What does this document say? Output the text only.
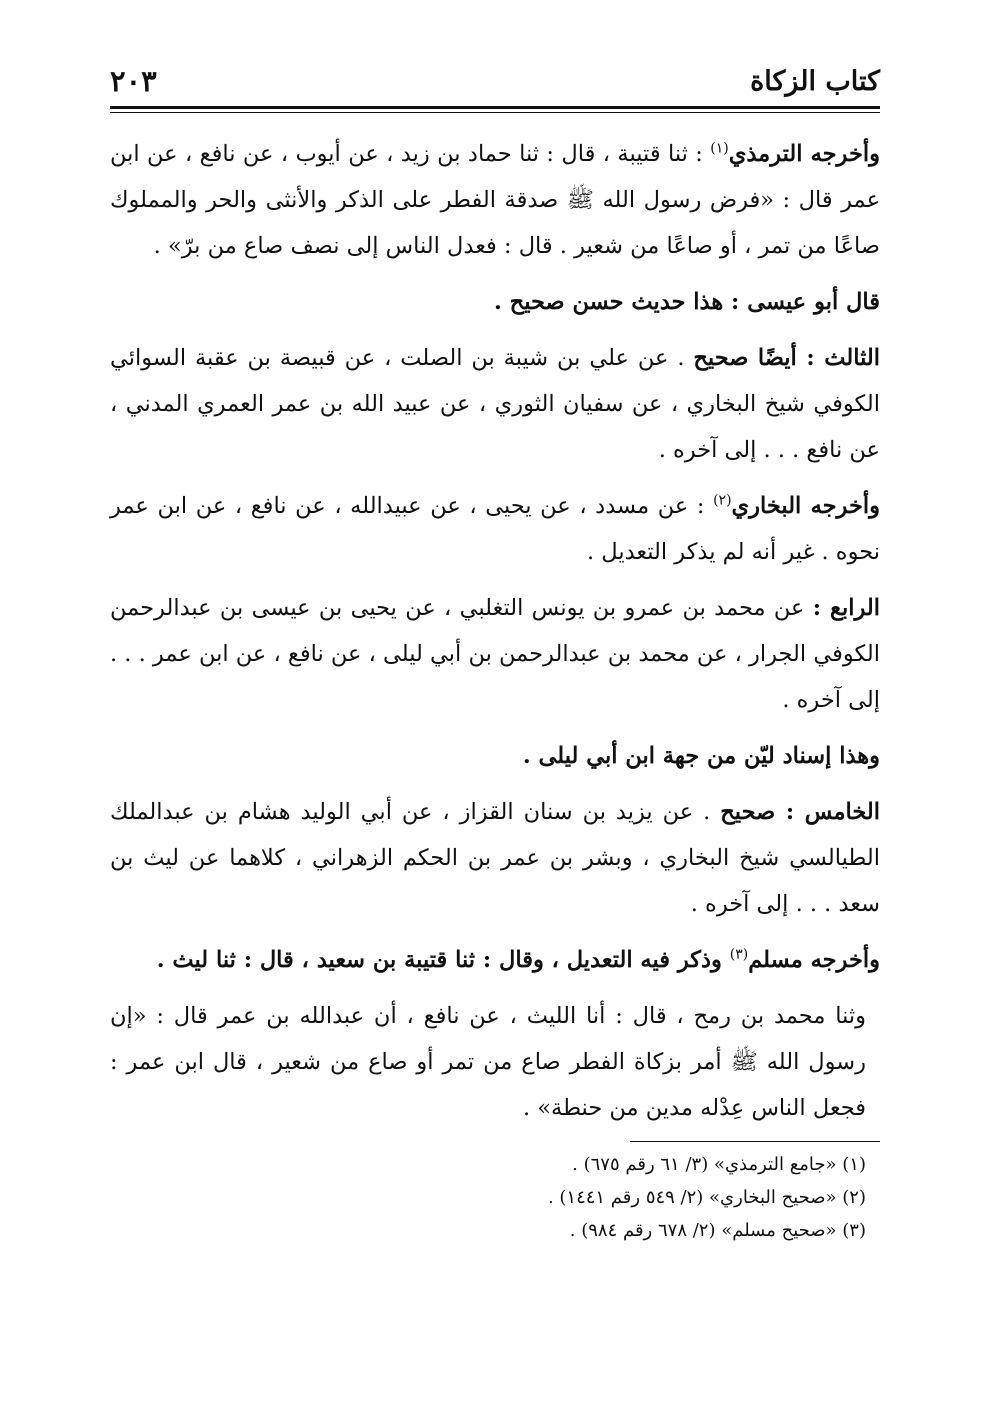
كتاب الزكاة
٢٠٣

وأخرجه الترمذي$^{(١)}$ : ثنا قتيبة ، قال : ثنا حماد بن زيد ، عن أيوب ، عن نافع ، عن ابن عمر قال : «فرض رسول الله ﷺ صدقة الفطر على الذكر والأنثى والحر والمملوك صاعًا من تمر ، أو صاعًا من شعير . قال : فعدل الناس إلى نصف صاع من برّ» .

قال أبو عيسى : هذا حديث حسن صحيح .

الثالث : أيضًا صحيح . عن علي بن شيبة بن الصلت ، عن قبيصة بن عقبة السوائي الكوفي شيخ البخاري ، عن سفيان الثوري ، عن عبيد الله بن عمر العمري المدني ، عن نافع . . . إلى آخره .

وأخرجه البخاري$^{(٢)}$ : عن مسدد ، عن يحيى ، عن عبيدالله ، عن نافع ، عن ابن عمر نحوه . غير أنه لم يذكر التعديل .

الرابع : عن محمد بن عمرو بن يونس التغلبي ، عن يحيى بن عيسى بن عبدالرحمن الكوفي الجرار ، عن محمد بن عبدالرحمن بن أبي ليلى ، عن نافع ، عن ابن عمر . . . إلى آخره .

وهذا إسناد ليّن من جهة ابن أبي ليلى .

الخامس : صحيح . عن يزيد بن سنان القزاز ، عن أبي الوليد هشام بن عبدالملك الطيالسي شيخ البخاري ، وبشر بن عمر بن الحكم الزهراني ، كلاهما عن ليث بن سعد . . . إلى آخره .

وأخرجه مسلم$^{(٣)}$ وذكر فيه التعديل ، وقال : ثنا قتيبة بن سعيد ، قال : ثنا ليث .

وثنا محمد بن رمح ، قال : أنا الليث ، عن نافع ، أن عبدالله بن عمر قال : «إن رسول الله ﷺ أمر بزكاة الفطر صاع من تمر أو صاع من شعير ، قال ابن عمر : فجعل الناس عِدْله مدين من حنطة» .

(١) «جامع الترمذي» (٣/ ٦١ رقم ٦٧٥) .

(٢) «صحيح البخاري» (٢/ ٥٤٩ رقم ١٤٤١) .

(٣) «صحيح مسلم» (٢/ ٦٧٨ رقم ٩٨٤) .
